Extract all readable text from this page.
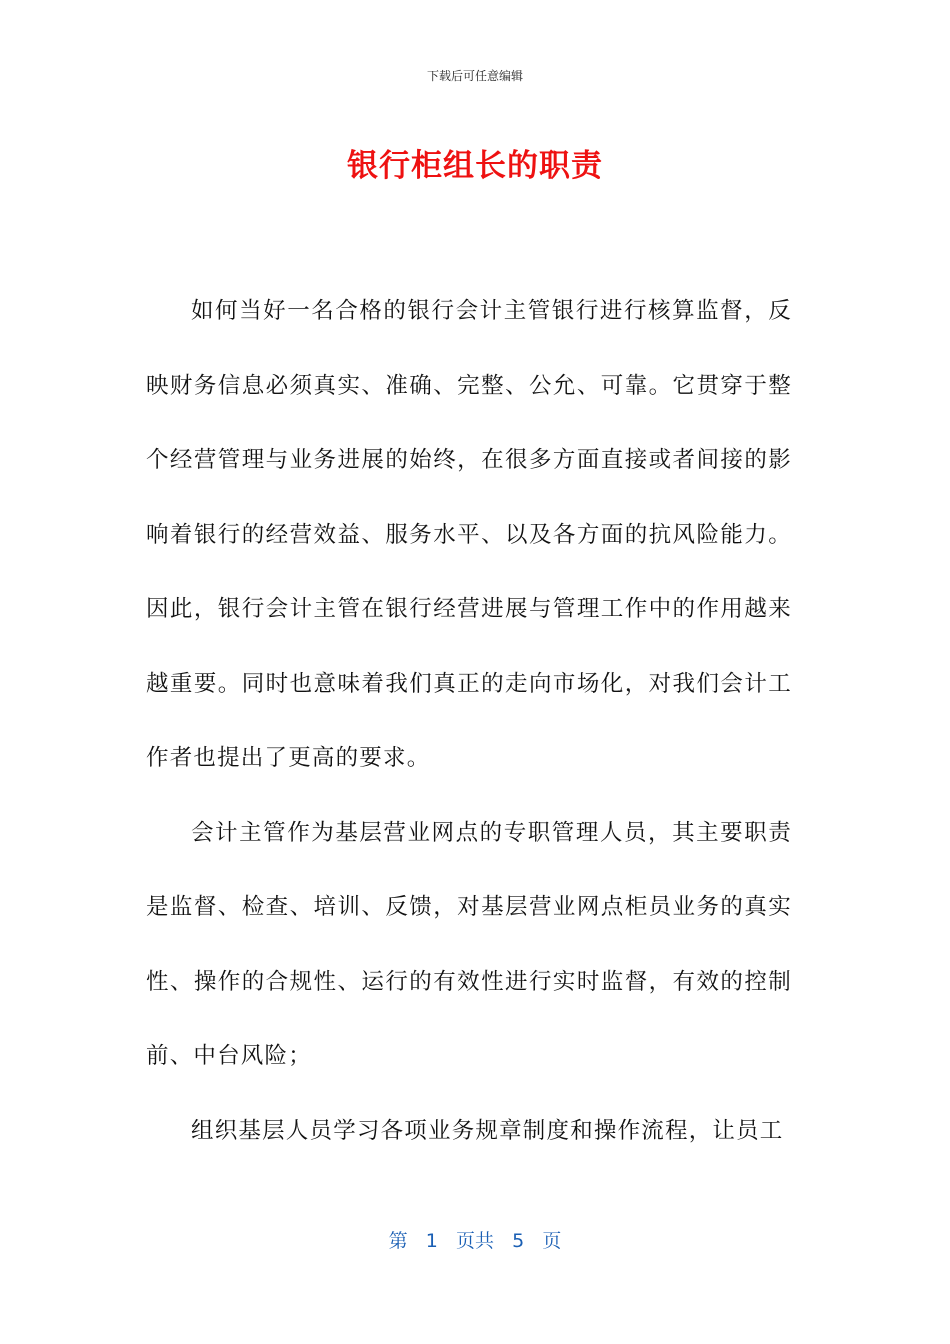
下载后可任意编辑
银行柜组长的职责

如何当好一名合格的银行会计主管银行进行核算监督，反映财务信息必须真实、准确、完整、公允、可靠。它贯穿于整个经营管理与业务进展的始终，在很多方面直接或者间接的影响着银行的经营效益、服务水平、以及各方面的抗风险能力。因此，银行会计主管在银行经营进展与管理工作中的作用越来越重要。同时也意味着我们真正的走向市场化，对我们会计工作者也提出了更高的要求。

会计主管作为基层营业网点的专职管理人员，其主要职责是监督、检查、培训、反馈，对基层营业网点柜员业务的真实性、操作的合规性、运行的有效性进行实时监督，有效的控制前、中台风险；

组织基层人员学习各项业务规章制度和操作流程，让员工

第 1 页共 5 页
